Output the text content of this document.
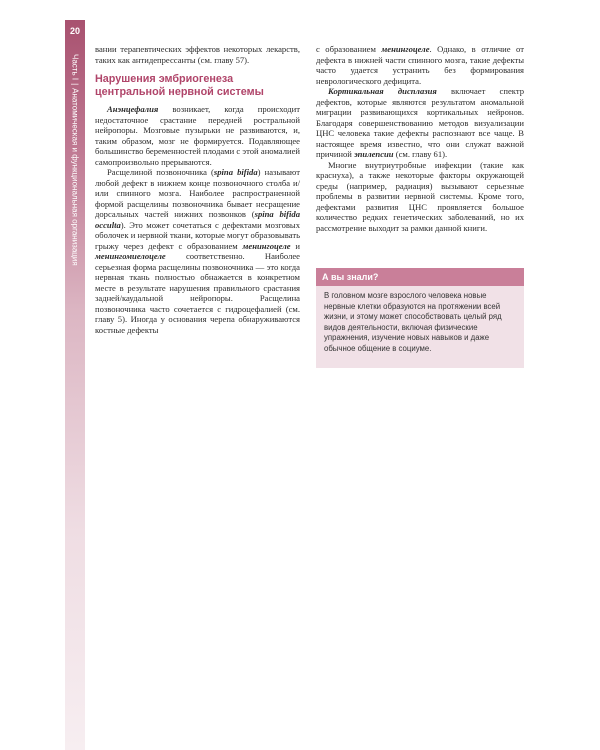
20
Часть I|Анатомическая и функциональная организация

вании терапевтических эффектов некоторых лекарств, таких как антидепрессанты (см. главу 57).

Нарушения эмбриогенеза центральной нервной системы

Анэнцефалия возникает, когда происходит недостаточное срастание передней ростральной нейропоры. Мозговые пузырьки не развиваются, и, таким образом, мозг не формируется. Подавляющее большинство беременностей плодами с этой аномалией самопроизвольно прерываются.

Расщелиной позвоночника (spina bifida) называют любой дефект в нижнем конце позвоночного столба и/или спинного мозга. Наиболее распространенной формой расщелины позвоночника бывает несращение дорсальных частей нижних позвонков (spina bifida occulta). Это может сочетаться с дефектами мозговых оболочек и нервной ткани, которые могут образовывать грыжу через дефект с образованием менингоцеле и менингомиелоцеле соответственно. Наиболее серьезная форма расщелины позвоночника — это когда нервная ткань полностью обнажается в конкретном месте в результате нарушения правильного срастания задней/каудальной нейропоры. Расщелина позвоночника часто сочетается с гидроцефалией (см. главу 5). Иногда у основания черепа обнаруживаются костные дефекты

с образованием менингоцеле. Однако, в отличие от дефекта в нижней части спинного мозга, такие дефекты часто удается устранить без формирования неврологического дефицита.

Кортикальная дисплазия включает спектр дефектов, которые являются результатом аномальной миграции развивающихся кортикальных нейронов. Благодаря совершенствованию методов визуализации ЦНС человека такие дефекты распознают все чаще. В настоящее время известно, что они служат важной причиной эпилепсии (см. главу 61).

Многие внутриутробные инфекции (такие как краснуха), а также некоторые факторы окружающей среды (например, радиация) вызывают серьезные проблемы в развитии нервной системы. Кроме того, дефектами развития ЦНС проявляется большое количество редких генетических заболеваний, но их рассмотрение выходит за рамки данной книги.

А вы знали?
В головном мозге взрослого человека новые нервные клетки образуются на протяжении всей жизни, и этому может способствовать целый ряд видов деятельности, включая физические упражнения, изучение новых навыков и даже обычное общение в социуме.
